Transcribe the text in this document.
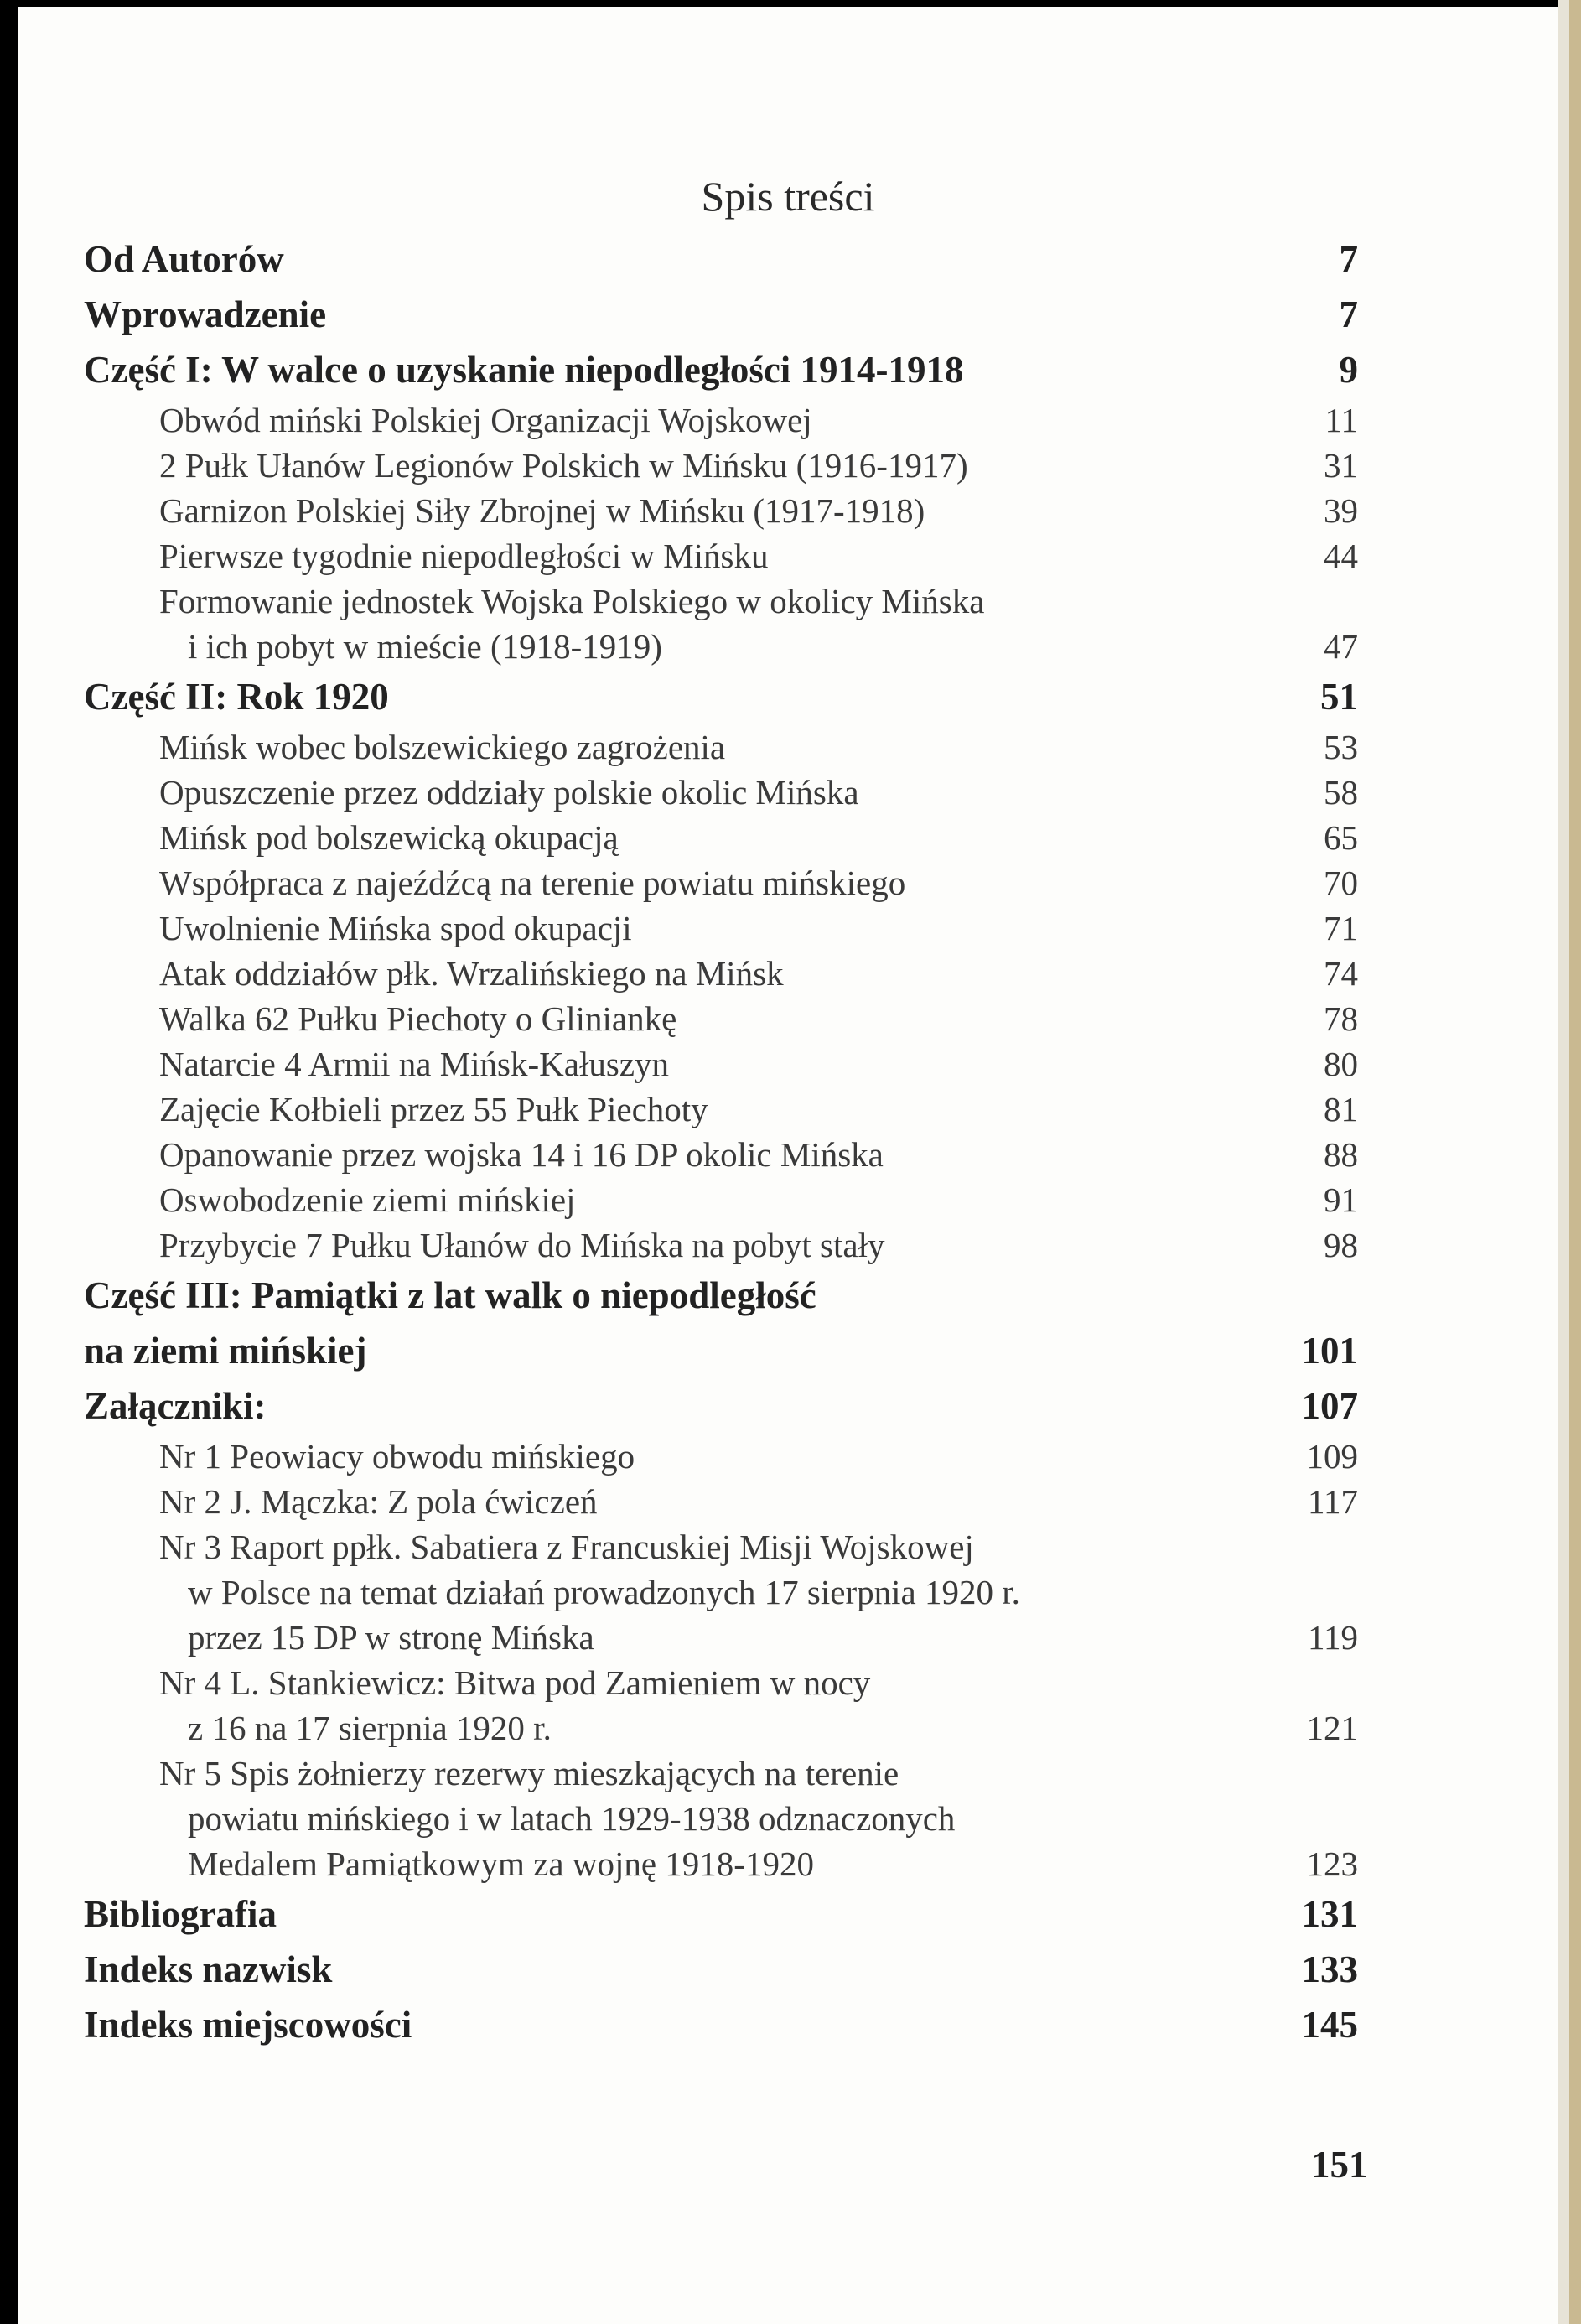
Spis treści
Od Autorów	7
Wprowadzenie	7
Część I: W walce o uzyskanie niepodległości 1914-1918	9
Obwód miński Polskiej Organizacji Wojskowej	11
2 Pułk Ułanów Legionów Polskich w Mińsku (1916-1917)	31
Garnizon Polskiej Siły Zbrojnej w Mińsku (1917-1918)	39
Pierwsze tygodnie niepodległości w Mińsku	44
Formowanie jednostek Wojska Polskiego w okolicy Mińska
i ich pobyt w mieście (1918-1919)	47
Część II: Rok 1920	51
Mińsk wobec bolszewickiego zagrożenia	53
Opuszczenie przez oddziały polskie okolic Mińska	58
Mińsk pod bolszewicką okupacją	65
Współpraca z najeźdźcą na terenie powiatu mińskiego	70
Uwolnienie Mińska spod okupacji	71
Atak oddziałów płk. Wrzalińskiego na Mińsk	74
Walka 62 Pułku Piechoty o Gliniankę	78
Natarcie 4 Armii na Mińsk-Kałuszyn	80
Zajęcie Kołbieli przez 55 Pułk Piechoty	81
Opanowanie przez wojska 14 i 16 DP okolic Mińska	88
Oswobodzenie ziemi mińskiej	91
Przybycie 7 Pułku Ułanów do Mińska na pobyt stały	98
Część III: Pamiątki z lat walk o niepodległość
na ziemi mińskiej	101
Załączniki:	107
Nr 1 Peowiacy obwodu mińskiego	109
Nr 2 J. Mączka: Z pola ćwiczeń	117
Nr 3 Raport ppłk. Sabatiera z Francuskiej Misji Wojskowej
w Polsce na temat działań prowadzonych 17 sierpnia 1920 r.
przez 15 DP w stronę Mińska	119
Nr 4 L. Stankiewicz: Bitwa pod Zamieniem w nocy
z 16 na 17 sierpnia 1920 r.	121
Nr 5 Spis żołnierzy rezerwy mieszkających na terenie
powiatu mińskiego i w latach 1929-1938 odznaczonych
Medalem Pamiątkowym za wojnę 1918-1920	123
Bibliografia	131
Indeks nazwisk	133
Indeks miejscowości	145
151
